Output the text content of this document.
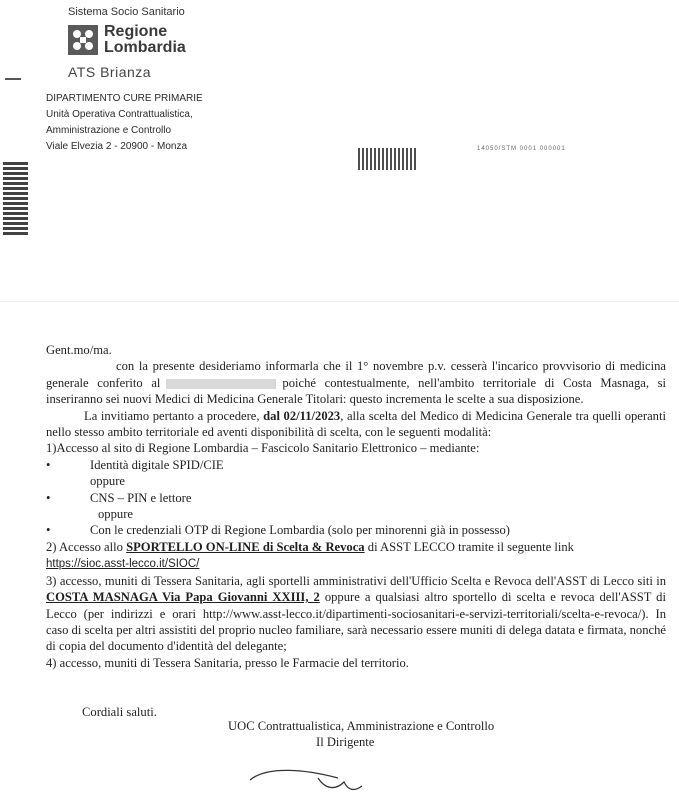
Sistema Socio Sanitario
Regione
Lombardia
ATS Brianza
DIPARTIMENTO CURE PRIMARIE
Unità Operativa Contrattualistica,
Amministrazione e Controllo
Viale Elvezia 2 - 20900 - Monza	14050/STM 0001 000001

Gent.mo/ma.

con la presente desideriamo informarla che il 1° novembre p.v. cesserà l'incarico provvisorio di medicina generale conferito al	poiché contestualmente, nell'ambito territoriale di Costa Masnaga, si inseriranno sei nuovi Medici di Medicina Generale Titolari: questo incrementa le scelte a sua disposizione.

La invitiamo pertanto a procedere, dal 02/11/2023, alla scelta del Medico di Medicina Generale tra quelli operanti nello stesso ambito territoriale ed aventi disponibilità di scelta, con le seguenti modalità:

1)Accesso al sito di Regione Lombardia – Fascicolo Sanitario Elettronico – mediante:

• Identità digitale SPID/CIE

oppure

• CNS – PIN e lettore

oppure

• Con le credenziali OTP di Regione Lombardia (solo per minorenni già in possesso)

2) Accesso allo SPORTELLO ON-LINE di Scelta & Revoca di ASST LECCO tramite il seguente link

https://sioc.asst-lecco.it/SIOC/

3) accesso, muniti di Tessera Sanitaria, agli sportelli amministrativi dell'Ufficio Scelta e Revoca dell'ASST di Lecco siti in COSTA MASNAGA Via Papa Giovanni XXIII, 2 oppure a qualsiasi altro sportello di scelta e revoca dell'ASST di Lecco (per indirizzi e orari http://www.asst-lecco.it/dipartimenti-sociosanitari-e-servizi-territoriali/scelta-e-revoca/). In caso di scelta per altri assistiti del proprio nucleo familiare, sarà necessario essere muniti di delega datata e firmata, nonché di copia del documento d'identità del delegante;

4) accesso, muniti di Tessera Sanitaria, presso le Farmacie del territorio.

Cordiali saluti.
UOC Contrattualistica, Amministrazione e Controllo
Il Dirigente
